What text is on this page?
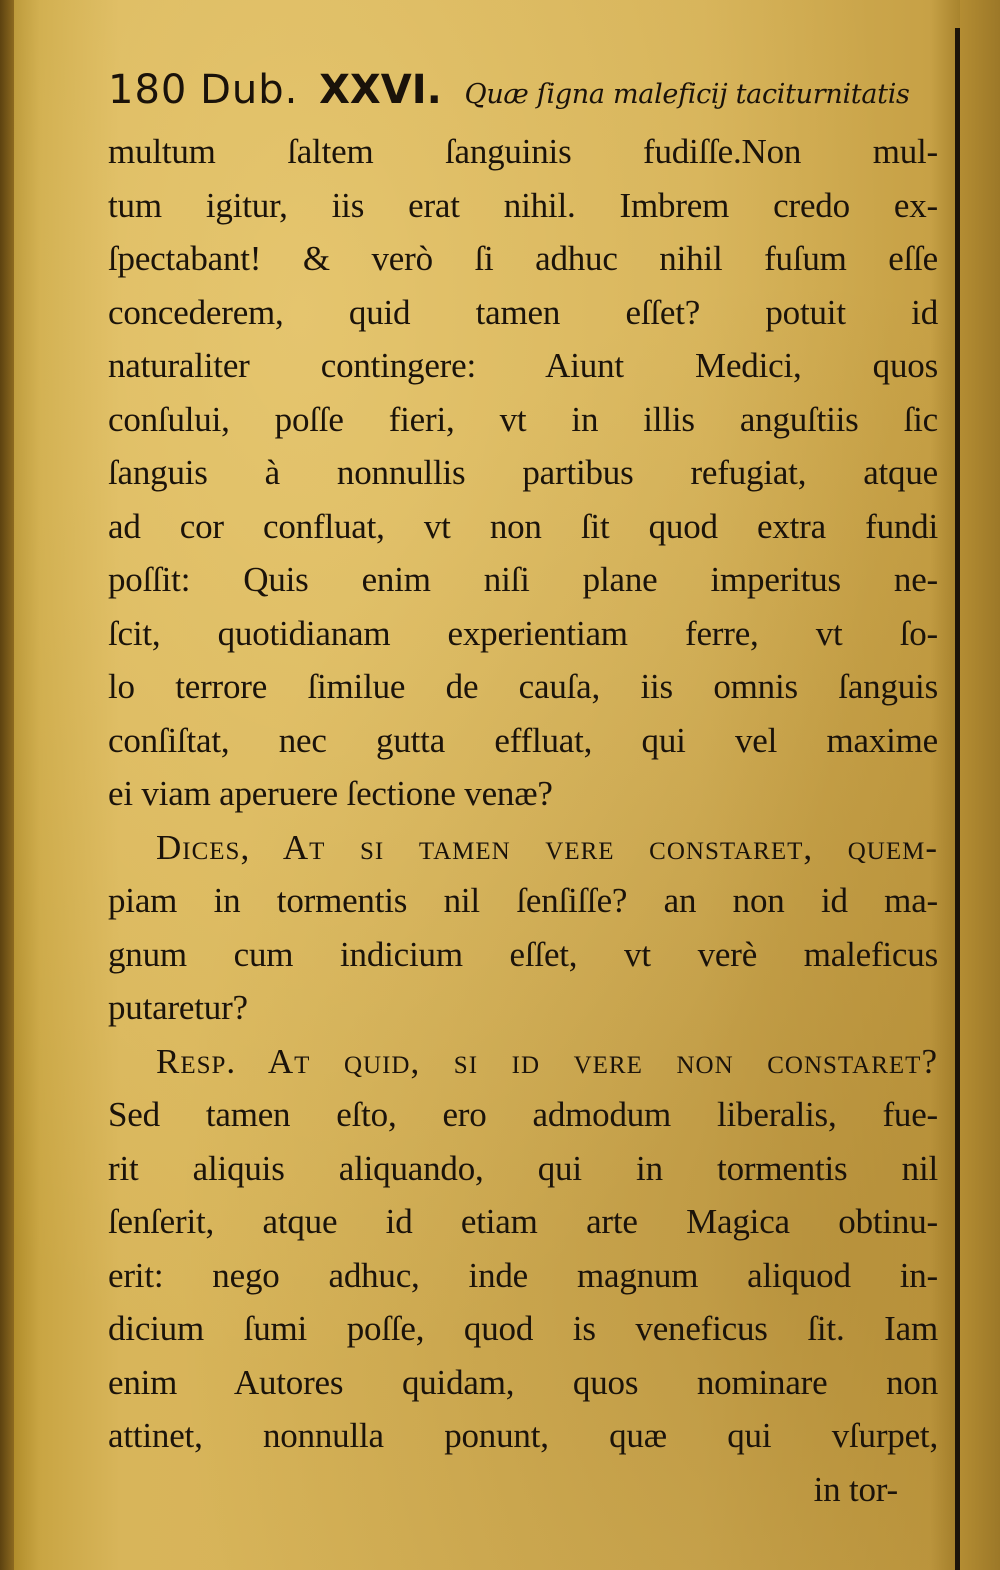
180 Dub. XXVI. Quæ ſigna maleficij taciturnitatis
multum ſaltem ſanguinis fudiſſe.Non mul-
tum igitur, iis erat nihil. Imbrem credo ex-
ſpectabant! & verò ſi adhuc nihil fuſum eſſe
concederem, quid tamen eſſet? potuit id
naturaliter contingere: Aiunt Medici, quos
conſului, poſſe fieri, vt in illis anguſtiis ſic
ſanguis à nonnullis partibus refugiat, atque
ad cor confluat, vt non ſit quod extra fundi
poſſit: Quis enim niſi plane imperitus ne-
ſcit, quotidianam experientiam ferre, vt ſo-
lo terrore ſimilue de cauſa, iis omnis ſanguis
conſiſtat, nec gutta effluat, qui vel maxime
ei viam aperuere ſectione venæ?
Dices, At ſi tamen vere conſtaret, quem-
piam in tormentis nil ſenſiſſe? an non id ma-
gnum cum indicium eſſet, vt verè maleficus
putaretur?
Resp. At quid, ſi id vere non conſtaret?
Sed tamen eſto, ero admodum liberalis, fue-
rit aliquis aliquando, qui in tormentis nil
ſenſerit, atque id etiam arte Magica obtinu-
erit: nego adhuc, inde magnum aliquod in-
dicium ſumi poſſe, quod is veneficus ſit. Iam
enim Autores quidam, quos nominare non
attinet, nonnulla ponunt, quæ qui vſurpet,
in tor-
